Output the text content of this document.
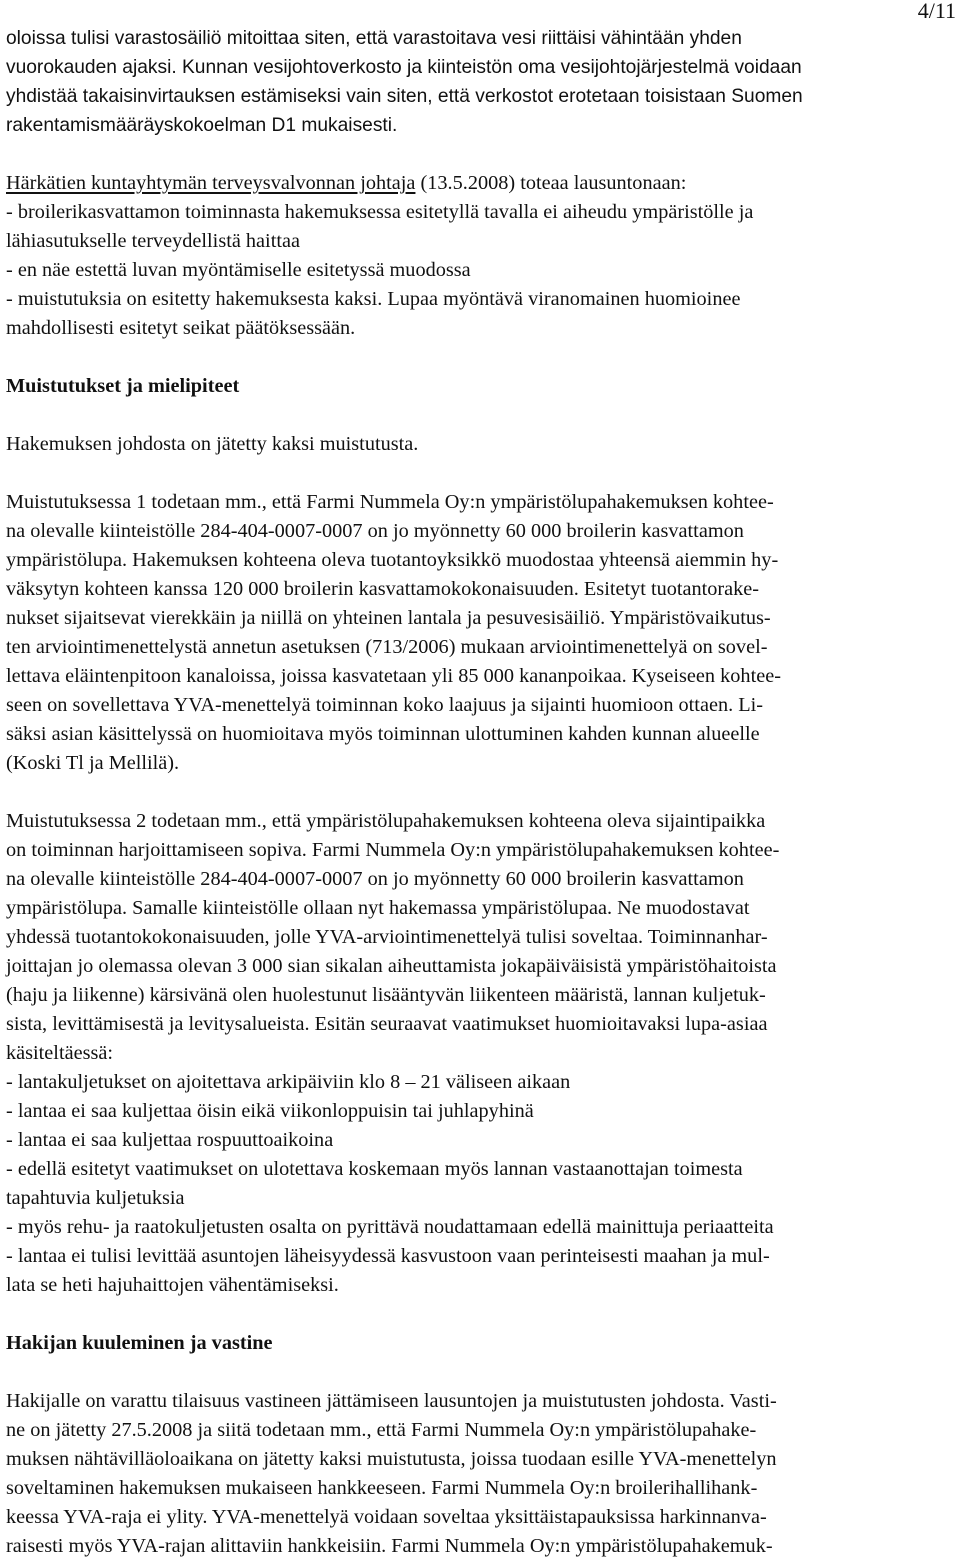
4/11
oloissa tulisi varastosäiliö mitoittaa siten, että varastoitava vesi riittäisi vähintään yhden
vuorokauden ajaksi. Kunnan vesijohtoverkosto ja kiinteistön oma vesijohtojärjestelmä voidaan
yhdistää takaisinvirtauksen estämiseksi vain siten, että verkostot erotetaan toisistaan Suomen
rakentamismääräyskokoelman D1 mukaisesti.
Härkätien kuntayhtymän terveysvalvonnan johtaja (13.5.2008) toteaa lausuntonaan:
- broilerikasvattamon toiminnasta hakemuksessa esitetyllä tavalla ei aiheudu ympäristölle ja
lähiasutukselle terveydellistä haittaa
- en näe estettä luvan myöntämiselle esitetyssä muodossa
- muistutuksia on esitetty hakemuksesta kaksi. Lupaa myöntävä viranomainen huomioinee
mahdollisesti esitetyt seikat päätöksessään.
Muistutukset ja mielipiteet
Hakemuksen johdosta on jätetty kaksi muistutusta.
Muistutuksessa 1 todetaan mm., että Farmi Nummela Oy:n ympäristölupahakemuksen kohtee-
na olevalle kiinteistölle 284-404-0007-0007 on jo myönnetty 60 000 broilerin kasvattamon
ympäristölupa. Hakemuksen kohteena oleva tuotantoyksikkö muodostaa yhteensä aiemmin hy-
väksytyn kohteen kanssa 120 000 broilerin kasvattamokokonaisuuden. Esitetyt tuotantorake-
nukset sijaitsevat vierekkäin ja niillä on yhteinen lantala ja pesuvesisäiliö. Ympäristövaikutus-
ten arviointimenettelystä annetun asetuksen (713/2006) mukaan arviointimenettelyä on sovel-
lettava eläintenpitoon kanaloissa, joissa kasvatetaan yli 85 000 kananpoikaa. Kyseiseen kohtee-
seen on sovellettava YVA-menettelyä toiminnan koko laajuus ja sijainti huomioon ottaen. Li-
säksi asian käsittelyssä on huomioitava myös toiminnan ulottuminen kahden kunnan alueelle
(Koski Tl ja Mellilä).
Muistutuksessa 2 todetaan mm., että ympäristölupahakemuksen kohteena oleva sijaintipaikka
on toiminnan harjoittamiseen sopiva. Farmi Nummela Oy:n ympäristölupahakemuksen kohtee-
na olevalle kiinteistölle 284-404-0007-0007 on jo myönnetty 60 000 broilerin kasvattamon
ympäristölupa. Samalle kiinteistölle ollaan nyt hakemassa ympäristölupaa. Ne muodostavat
yhdessä tuotantokokonaisuuden, jolle YVA-arviointimenettelyä tulisi soveltaa. Toiminnanhar-
joittajan jo olemassa olevan 3 000 sian sikalan aiheuttamista jokapäiväisistä ympäristöhaitoista
(haju ja liikenne) kärsivänä olen huolestunut lisääntyvän liikenteen määristä, lannan kuljetuk-
sista, levittämisestä ja levitysalueista. Esitän seuraavat vaatimukset huomioitavaksi lupa-asiaa
käsiteltäessä:
- lantakuljetukset on ajoitettava arkipäiviin klo 8 – 21 väliseen aikaan
- lantaa ei saa kuljettaa öisin eikä viikonloppuisin tai juhlapyhinä
- lantaa ei saa kuljettaa rospuuttoaikoina
- edellä esitetyt vaatimukset on ulotettava koskemaan myös lannan vastaanottajan toimesta
tapahtuvia kuljetuksia
- myös rehu- ja raatokuljetusten osalta on pyrittävä noudattamaan edellä mainittuja periaatteita
- lantaa ei tulisi levittää asuntojen läheisyydessä kasvustoon vaan perinteisesti maahan ja mul-
lata se heti hajuhaittojen vähentämiseksi.
Hakijan kuuleminen ja vastine
Hakijalle on varattu tilaisuus vastineen jättämiseen lausuntojen ja muistutusten johdosta. Vasti-
ne on jätetty 27.5.2008 ja siitä todetaan mm., että Farmi Nummela Oy:n ympäristölupahake-
muksen nähtävilläoloaikana on jätetty kaksi muistutusta, joissa tuodaan esille YVA-menettelyn
soveltaminen hakemuksen mukaiseen hankkeeseen. Farmi Nummela Oy:n broilerihallihank-
keessa YVA-raja ei ylity. YVA-menettelyä voidaan soveltaa yksittäistapauksissa harkinnanva-
raisesti myös YVA-rajan alittaviin hankkeisiin. Farmi Nummela Oy:n ympäristölupahakemuk-
